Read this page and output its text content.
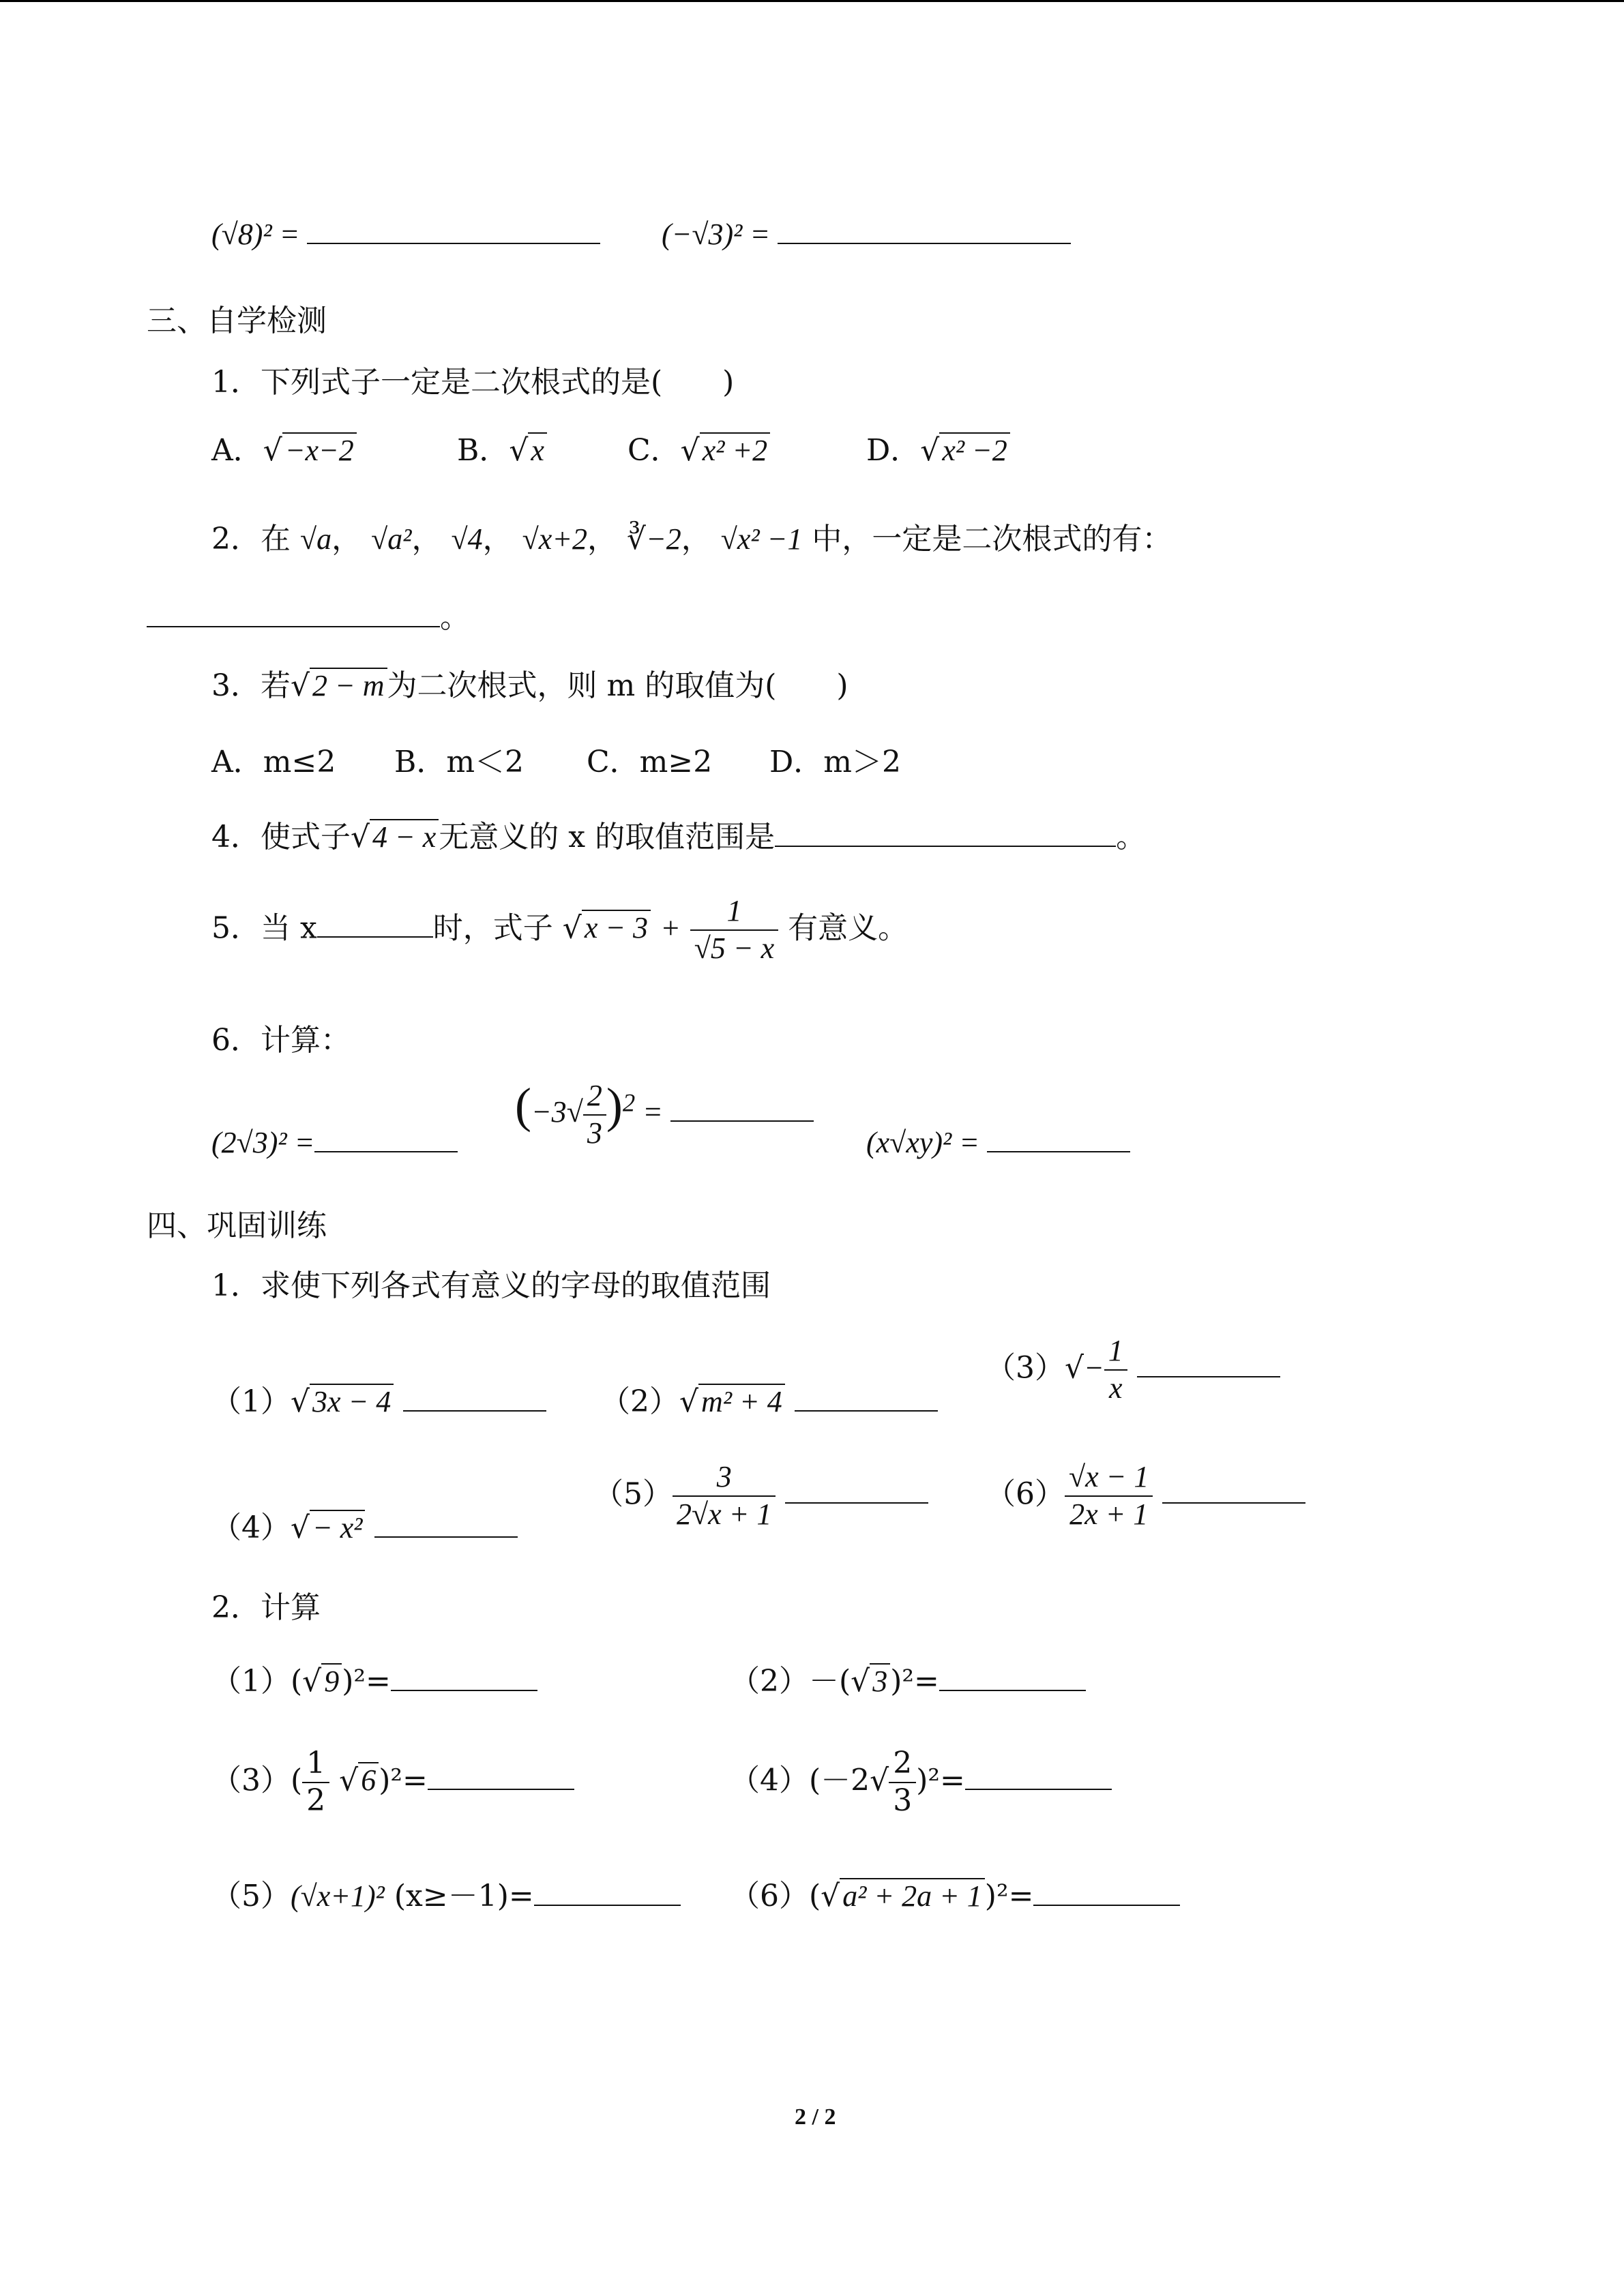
(√8)² =	(−√3)² =
三、自学检测
1．下列式子一定是二次根式的是(　　)
A．√−x−2	B．√x	C．√x² +2	D．√x² −2
2．在 √a， √a²， √4， √x+2， ∛−2， √x² −1 中，一定是二次根式的有：
。
3．若√2 − m为二次根式，则 m 的取值为(　　)
A．m≤2 B．m＜2 C．m≥2 D．m＞2
4．使式子√4 − x无意义的 x 的取值范围是	。
5．当 x	时，式子 $√x - 3 + \frac{1}{√5 - x}$ 有意义。
6．计算：
(2√3)² =
$(-3√ \frac{2}{3} )^2$ =
(x√xy)² =
四、巩固训练
1．求使下列各式有意义的字母的取值范围
（1）√3x − 4	（2）√m² + 4
$(3)√- \frac{1}{x}$

（4）√− x²
$(5) \frac{3}{2√x + 1}$
	$(6) \frac{√x - 1}{2x + 1}$

2．计算
（1）(√9)²=	（2）－(√3)²=
$(3)( \frac{1}{2} √6)^2=$	$(4)(-2√ \frac{2}{3} )^2=$
（5）(√x+1)² (x≥－1)=	（6）(√a² + 2a + 1)²=
2 / 2
